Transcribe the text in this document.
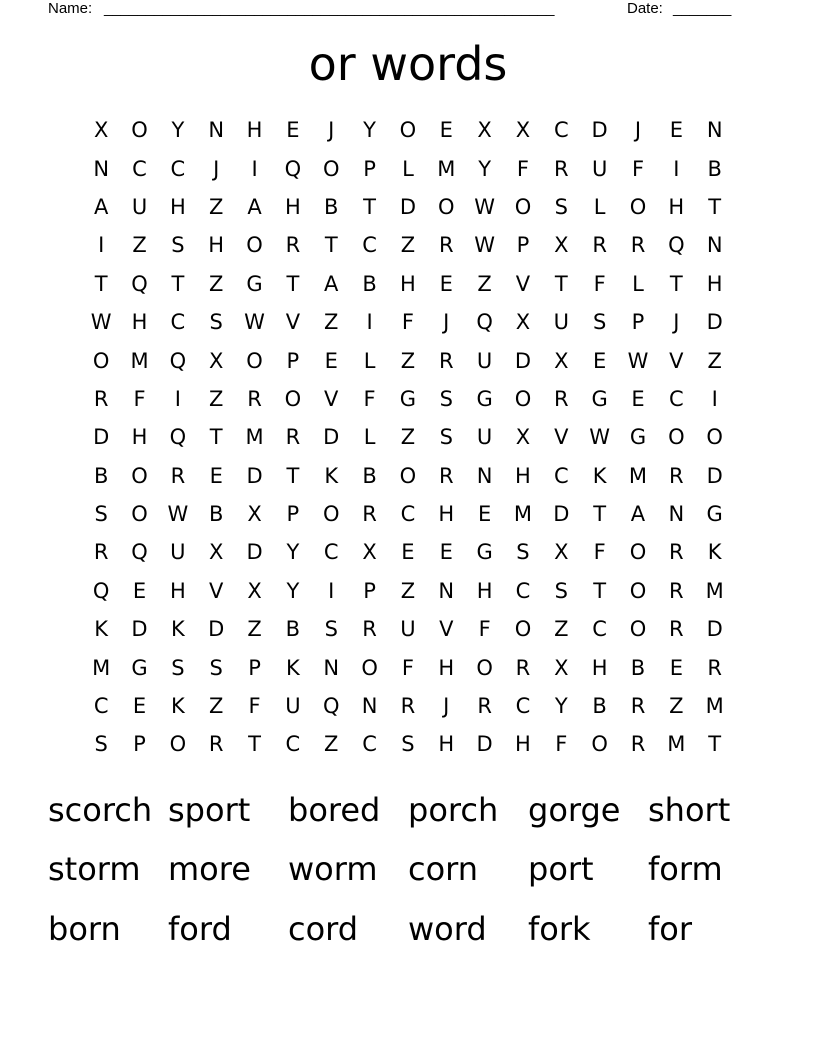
Name: ______________________________________________________	Date: _______
or words
X	O	Y	N	H	E	J	Y	O	E	X	X	C	D	J	E	N
N	C	C	J	I	Q	O	P	L	M	Y	F	R	U	F	I	B
A	U	H	Z	A	H	B	T	D	O W O	S	L	O	H	T
I	Z	S	H	O	R	T	C	Z	R W	P	X	R	R	Q	N
T	Q	T	Z	G	T	A	B	H	E	Z	V	T	F	L	T	H
W H	C	S	W V	Z	I	F	J	Q	X	U	S	P	J	D
O	M	Q	X	O	P	E	L	Z	R	U	D	X	E	W V	Z
R	F	I	Z	R	O	V	F	G	S	G	O	R	G	E	C	I
D	H	Q	T	M	R	D	L	Z	S	U	X	V W G	O	O
B	O	R	E	D	T	K	B	O	R	N	H	C	K	M	R	D
S	O W B	X	P	O	R	C	H	E	M	D	T	A	N	G
R	Q	U	X	D	Y	C	X	E	E	G	S	X	F	O	R	K
Q	E	H	V	X	Y	I	P	Z	N	H	C	S	T	O	R	M
K	D	K	D	Z	B	S	R	U	V	F	O	Z	C	O	R	D
M	G	S	S	P	K	N	O	F	H	O	R	X	H	B	E	R
C	E	K	Z	F	U	Q	N	R	J	R	C	Y	B	R	Z	M
S	P	O	R	T	C	Z	C	S	H	D	H	F	O	R	M	T
scorch sport	bored porch gorge short
storm more	worm corn	port	form
born	ford	cord	word	fork	for
